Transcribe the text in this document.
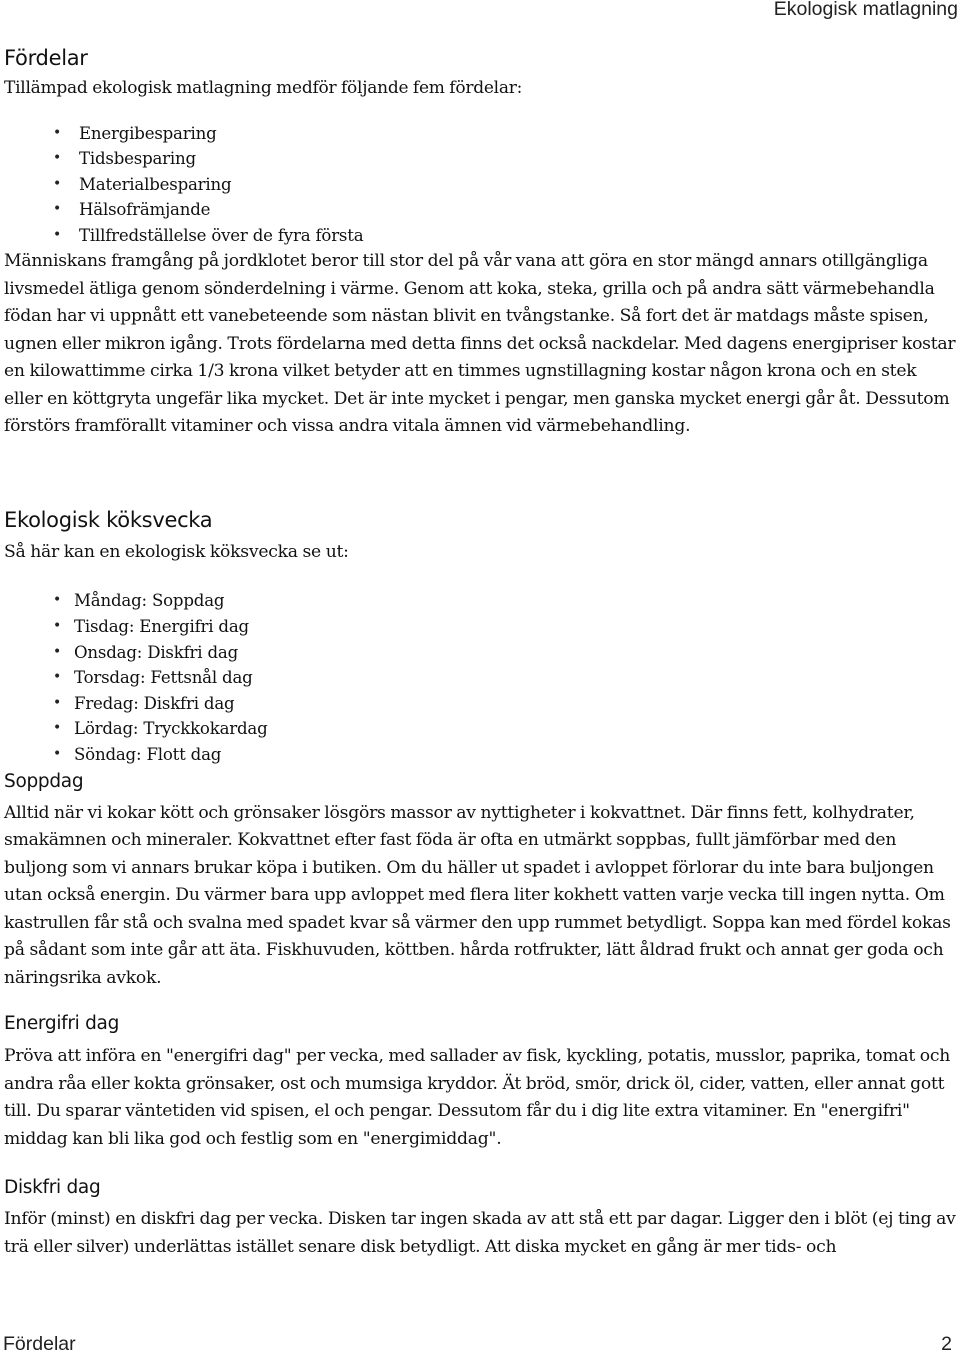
Ekologisk matlagning
Fördelar

Tillämpad ekologisk matlagning medför följande fem fördelar:

• Energibesparing
• Tidsbesparing
• Materialbesparing
• Hälsofrämjande
• Tillfredställelse över de fyra första

Människans framgång på jordklotet beror till stor del på vår vana att göra en stor mängd annars otillgängliga livsmedel ätliga genom sönderdelning i värme. Genom att koka, steka, grilla och på andra sätt värmebehandla födan har vi uppnått ett vanebeteende som nästan blivit en tvångstanke. Så fort det är matdags måste spisen, ugnen eller mikron igång. Trots fördelarna med detta finns det också nackdelar. Med dagens energipriser kostar en kilowattimme cirka 1/3 krona vilket betyder att en timmes ugnstillagning kostar någon krona och en stek eller en köttgryta ungefär lika mycket. Det är inte mycket i pengar, men ganska mycket energi går åt. Dessutom förstörs framförallt vitaminer och vissa andra vitala ämnen vid värmebehandling.

Ekologisk köksvecka

Så här kan en ekologisk köksvecka se ut:

• Måndag: Soppdag
• Tisdag: Energifri dag
• Onsdag: Diskfri dag
• Torsdag: Fettsnål dag
• Fredag: Diskfri dag
• Lördag: Tryckkokardag
• Söndag: Flott dag
Soppdag

Alltid när vi kokar kött och grönsaker lösgörs massor av nyttigheter i kokvattnet. Där finns fett, kolhydrater, smakämnen och mineraler. Kokvattnet efter fast föda är ofta en utmärkt soppbas, fullt jämförbar med den buljong som vi annars brukar köpa i butiken. Om du häller ut spadet i avloppet förlorar du inte bara buljongen utan också energin. Du värmer bara upp avloppet med flera liter kokhett vatten varje vecka till ingen nytta. Om kastrullen får stå och svalna med spadet kvar så värmer den upp rummet betydligt. Soppa kan med fördel kokas på sådant som inte går att äta. Fiskhuvuden, köttben. hårda rotfrukter, lätt åldrad frukt och annat ger goda och näringsrika avkok.

Energifri dag

Pröva att införa en "energifri dag" per vecka, med sallader av fisk, kyckling, potatis, musslor, paprika, tomat och andra råa eller kokta grönsaker, ost och mumsiga kryddor. Ät bröd, smör, drick öl, cider, vatten, eller annat gott till. Du sparar väntetiden vid spisen, el och pengar. Dessutom får du i dig lite extra vitaminer. En "energifri" middag kan bli lika god och festlig som en "energimiddag".

Diskfri dag

Inför (minst) en diskfri dag per vecka. Disken tar ingen skada av att stå ett par dagar. Ligger den i blöt (ej ting av trä eller silver) underlättas istället senare disk betydligt. Att diska mycket en gång är mer tids- och

Fördelar	2
